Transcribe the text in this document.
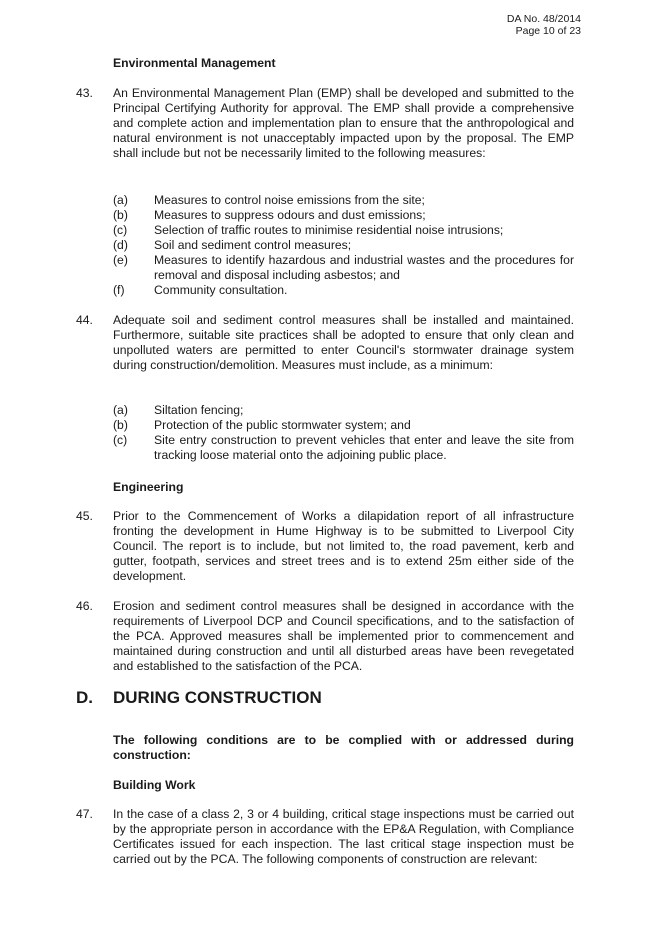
DA No. 48/2014
Page 10 of 23
Environmental Management
43. An Environmental Management Plan (EMP) shall be developed and submitted to the Principal Certifying Authority for approval. The EMP shall provide a comprehensive and complete action and implementation plan to ensure that the anthropological and natural environment is not unacceptably impacted upon by the proposal. The EMP shall include but not be necessarily limited to the following measures:
(a) Measures to control noise emissions from the site;
(b) Measures to suppress odours and dust emissions;
(c) Selection of traffic routes to minimise residential noise intrusions;
(d) Soil and sediment control measures;
(e) Measures to identify hazardous and industrial wastes and the procedures for removal and disposal including asbestos; and
(f) Community consultation.
44. Adequate soil and sediment control measures shall be installed and maintained. Furthermore, suitable site practices shall be adopted to ensure that only clean and unpolluted waters are permitted to enter Council's stormwater drainage system during construction/demolition. Measures must include, as a minimum:
(a) Siltation fencing;
(b) Protection of the public stormwater system; and
(c) Site entry construction to prevent vehicles that enter and leave the site from tracking loose material onto the adjoining public place.
Engineering
45. Prior to the Commencement of Works a dilapidation report of all infrastructure fronting the development in Hume Highway is to be submitted to Liverpool City Council. The report is to include, but not limited to, the road pavement, kerb and gutter, footpath, services and street trees and is to extend 25m either side of the development.
46. Erosion and sediment control measures shall be designed in accordance with the requirements of Liverpool DCP and Council specifications, and to the satisfaction of the PCA. Approved measures shall be implemented prior to commencement and maintained during construction and until all disturbed areas have been revegetated and established to the satisfaction of the PCA.
D. DURING CONSTRUCTION
The following conditions are to be complied with or addressed during construction:
Building Work
47. In the case of a class 2, 3 or 4 building, critical stage inspections must be carried out by the appropriate person in accordance with the EP&A Regulation, with Compliance Certificates issued for each inspection. The last critical stage inspection must be carried out by the PCA. The following components of construction are relevant:
